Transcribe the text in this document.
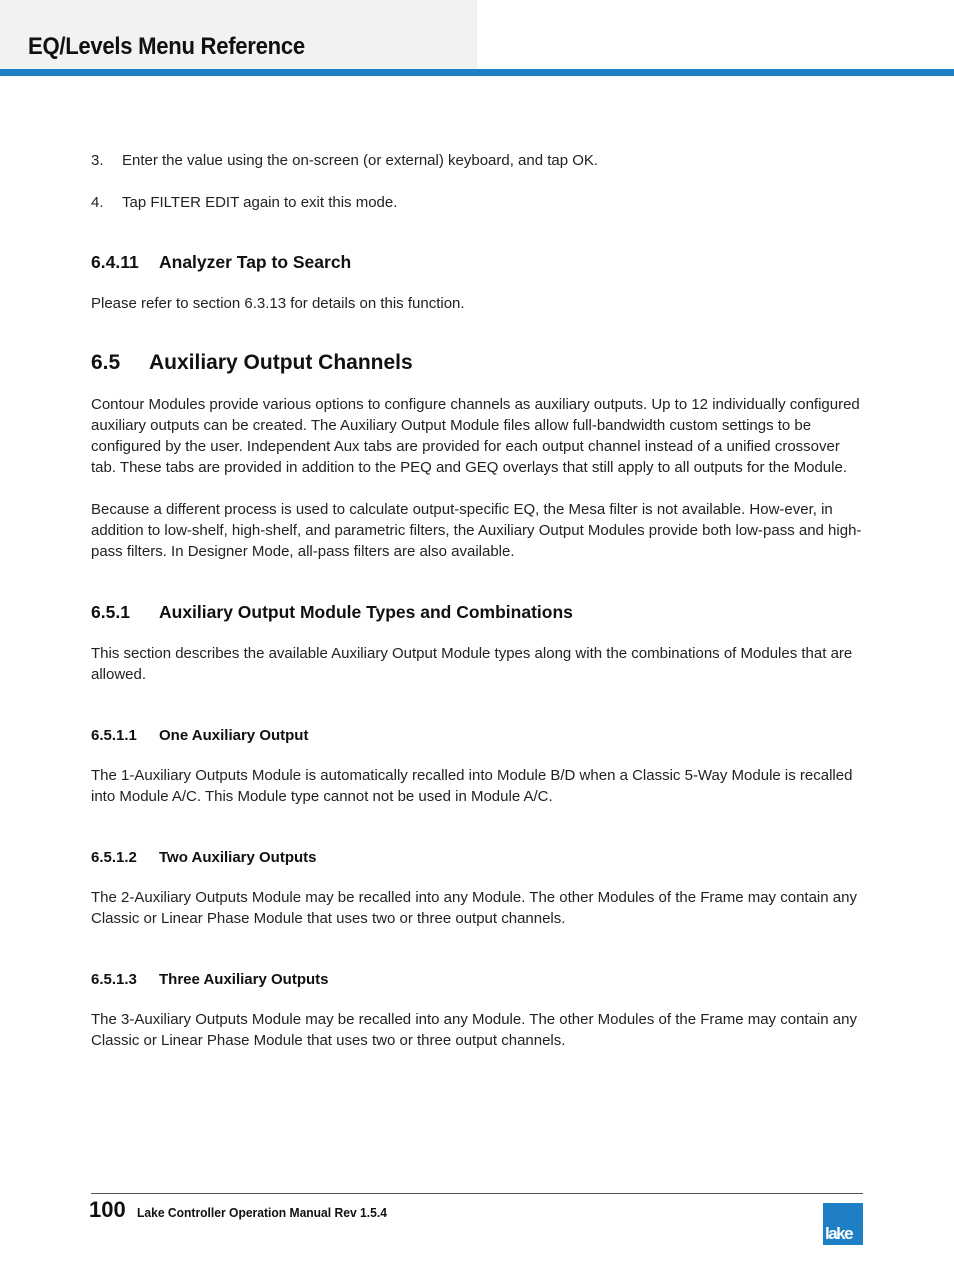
EQ/Levels Menu Reference

3. Enter the value using the on-screen (or external) keyboard, and tap OK.

4. Tap FILTER EDIT again to exit this mode.

6.4.11 Analyzer Tap to Search

Please refer to section 6.3.13 for details on this function.

6.5 Auxiliary Output Channels

Contour Modules provide various options to configure channels as auxiliary outputs. Up to 12 individually configured auxiliary outputs can be created. The Auxiliary Output Module files allow full-bandwidth custom settings to be configured by the user. Independent Aux tabs are provided for each output channel instead of a unified crossover tab. These tabs are provided in addition to the PEQ and GEQ overlays that still apply to all outputs for the Module.

Because a different process is used to calculate output-specific EQ, the Mesa filter is not available. How-ever, in addition to low-shelf, high-shelf, and parametric filters, the Auxiliary Output Modules provide both low-pass and high-pass filters. In Designer Mode, all-pass filters are also available.

6.5.1 Auxiliary Output Module Types and Combinations

This section describes the available Auxiliary Output Module types along with the combinations of Modules that are allowed.

6.5.1.1 One Auxiliary Output

The 1-Auxiliary Outputs Module is automatically recalled into Module B/D when a Classic 5-Way Module is recalled into Module A/C. This Module type cannot not be used in Module A/C.

6.5.1.2 Two Auxiliary Outputs

The 2-Auxiliary Outputs Module may be recalled into any Module. The other Modules of the Frame may contain any Classic or Linear Phase Module that uses two or three output channels.

6.5.1.3 Three Auxiliary Outputs

The 3-Auxiliary Outputs Module may be recalled into any Module. The other Modules of the Frame may contain any Classic or Linear Phase Module that uses two or three output channels.

100 Lake Controller Operation Manual Rev 1.5.4
lake
